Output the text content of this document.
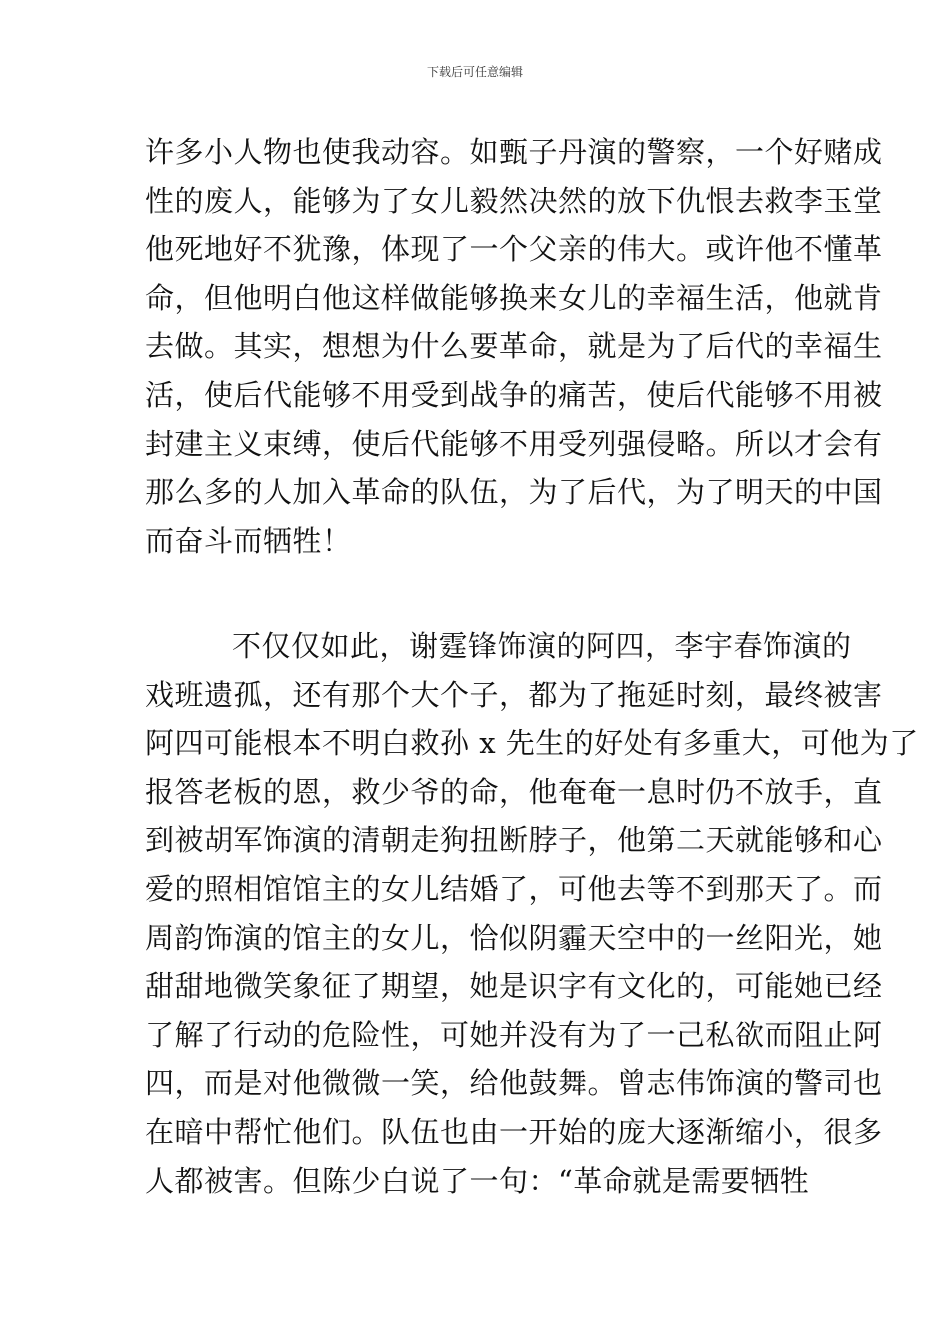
下载后可任意编辑
许多小人物也使我动容。如甄子丹演的警察，一个好赌成
性的废人，能够为了女儿毅然决然的放下仇恨去救李玉堂
他死地好不犹豫，体现了一个父亲的伟大。或许他不懂革
命，但他明白他这样做能够换来女儿的幸福生活，他就肯
去做。其实，想想为什么要革命，就是为了后代的幸福生
活，使后代能够不用受到战争的痛苦，使后代能够不用被
封建主义束缚，使后代能够不用受列强侵略。所以才会有
那么多的人加入革命的队伍，为了后代，为了明天的中国
而奋斗而牺牲！
不仅仅如此，谢霆锋饰演的阿四，李宇春饰演的
戏班遗孤，还有那个大个子，都为了拖延时刻，最终被害
阿四可能根本不明白救孙 x 先生的好处有多重大，可他为了
报答老板的恩，救少爷的命，他奄奄一息时仍不放手，直
到被胡军饰演的清朝走狗扭断脖子，他第二天就能够和心
爱的照相馆馆主的女儿结婚了，可他去等不到那天了。而
周韵饰演的馆主的女儿，恰似阴霾天空中的一丝阳光，她
甜甜地微笑象征了期望，她是识字有文化的，可能她已经
了解了行动的危险性，可她并没有为了一己私欲而阻止阿
四，而是对他微微一笑，给他鼓舞。曾志伟饰演的警司也
在暗中帮忙他们。队伍也由一开始的庞大逐渐缩小，很多
人都被害。但陈少白说了一句：“革命就是需要牺牲
